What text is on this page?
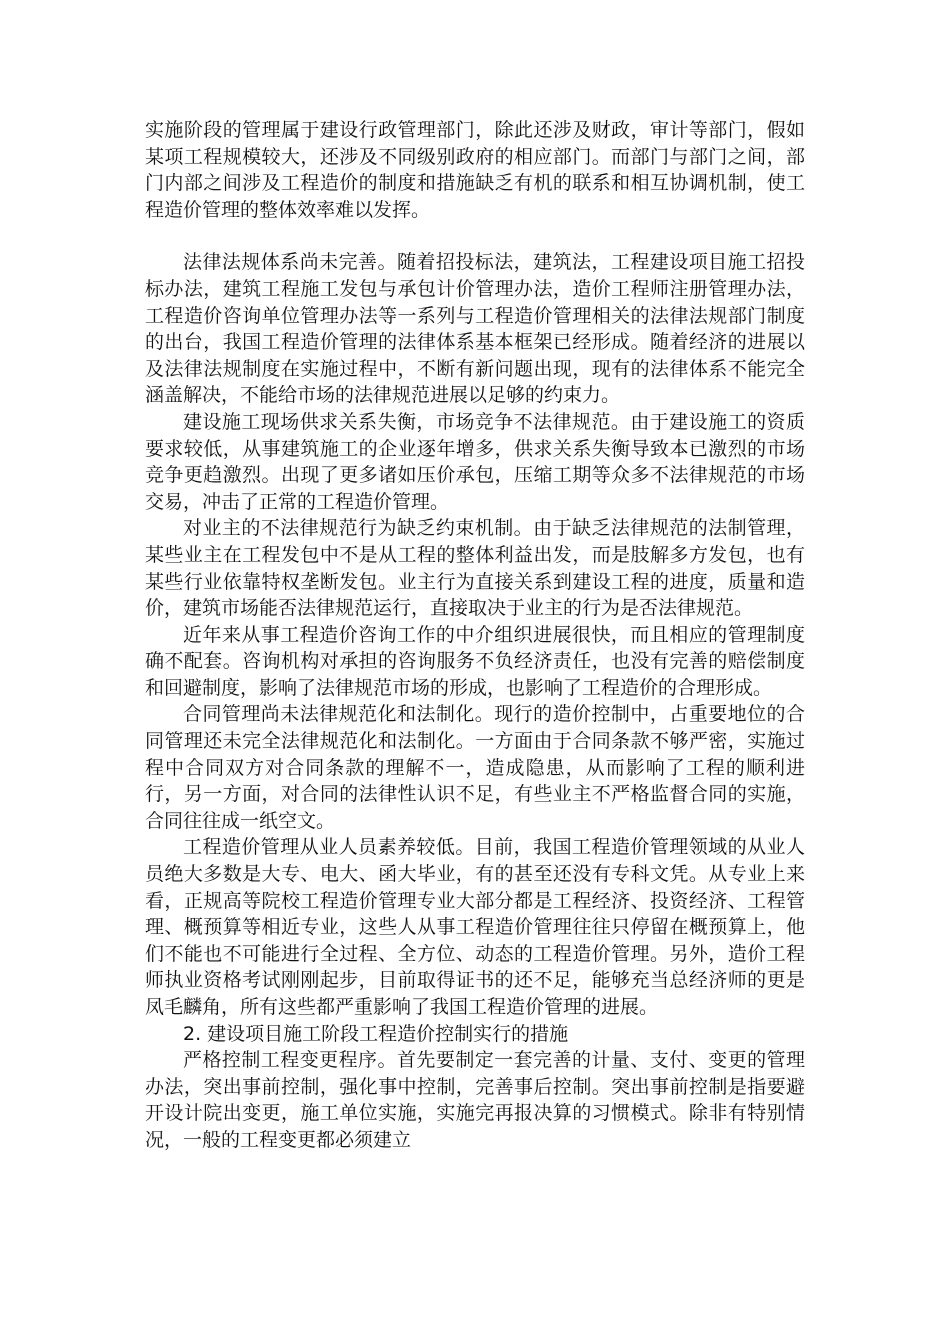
实施阶段的管理属于建设行政管理部门，除此还涉及财政，审计等部门，假如某项工程规模较大，还涉及不同级别政府的相应部门。而部门与部门之间，部门内部之间涉及工程造价的制度和措施缺乏有机的联系和相互协调机制，使工程造价管理的整体效率难以发挥。

法律法规体系尚未完善。随着招投标法，建筑法，工程建设项目施工招投标办法，建筑工程施工发包与承包计价管理办法，造价工程师注册管理办法，工程造价咨询单位管理办法等一系列与工程造价管理相关的法律法规部门制度的出台，我国工程造价管理的法律体系基本框架已经形成。随着经济的进展以及法律法规制度在实施过程中，不断有新问题出现，现有的法律体系不能完全涵盖解决，不能给市场的法律规范进展以足够的约束力。

建设施工现场供求关系失衡，市场竞争不法律规范。由于建设施工的资质要求较低，从事建筑施工的企业逐年增多，供求关系失衡导致本已激烈的市场竞争更趋激烈。出现了更多诸如压价承包，压缩工期等众多不法律规范的市场交易，冲击了正常的工程造价管理。

对业主的不法律规范行为缺乏约束机制。由于缺乏法律规范的法制管理，某些业主在工程发包中不是从工程的整体利益出发，而是肢解多方发包，也有某些行业依靠特权垄断发包。业主行为直接关系到建设工程的进度，质量和造价，建筑市场能否法律规范运行，直接取决于业主的行为是否法律规范。

近年来从事工程造价咨询工作的中介组织进展很快，而且相应的管理制度确不配套。咨询机构对承担的咨询服务不负经济责任，也没有完善的赔偿制度和回避制度，影响了法律规范市场的形成，也影响了工程造价的合理形成。

合同管理尚未法律规范化和法制化。现行的造价控制中，占重要地位的合同管理还未完全法律规范化和法制化。一方面由于合同条款不够严密，实施过程中合同双方对合同条款的理解不一，造成隐患，从而影响了工程的顺利进行，另一方面，对合同的法律性认识不足，有些业主不严格监督合同的实施，合同往往成一纸空文。

工程造价管理从业人员素养较低。目前，我国工程造价管理领域的从业人员绝大多数是大专、电大、函大毕业，有的甚至还没有专科文凭。从专业上来看，正规高等院校工程造价管理专业大部分都是工程经济、投资经济、工程管理、概预算等相近专业，这些人从事工程造价管理往往只停留在概预算上，他们不能也不可能进行全过程、全方位、动态的工程造价管理。另外，造价工程师执业资格考试刚刚起步，目前取得证书的还不足，能够充当总经济师的更是凤毛麟角，所有这些都严重影响了我国工程造价管理的进展。

2. 建设项目施工阶段工程造价控制实行的措施

严格控制工程变更程序。首先要制定一套完善的计量、支付、变更的管理办法，突出事前控制，强化事中控制，完善事后控制。突出事前控制是指要避开设计院出变更，施工单位实施，实施完再报决算的习惯模式。除非有特别情况，一般的工程变更都必须建立
